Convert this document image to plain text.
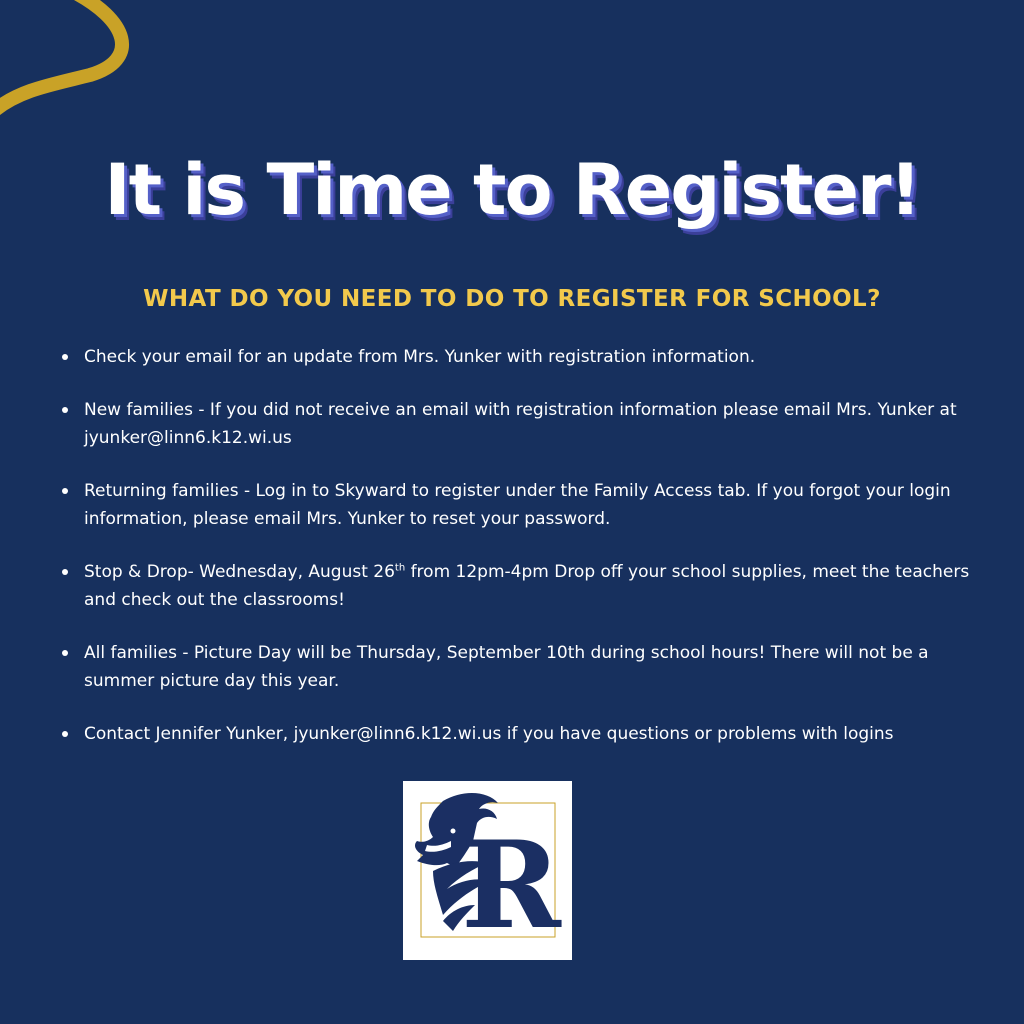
It is Time to Register!
WHAT DO YOU NEED TO DO TO REGISTER FOR SCHOOL?
Check your email for an update from Mrs. Yunker with registration information.
New families - If you did not receive an email with registration information please email Mrs. Yunker at jyunker@linn6.k12.wi.us
Returning families - Log in to Skyward to register under the Family Access tab. If you forgot your login information, please email Mrs. Yunker to reset your password.
Stop & Drop- Wednesday, August 26th from 12pm-4pm Drop off your school supplies, meet the teachers and check out the classrooms!
All families - Picture Day will be Thursday, September 10th during school hours! There will not be a summer picture day this year.
Contact Jennifer Yunker, jyunker@linn6.k12.wi.us if you have questions or problems with logins
R
